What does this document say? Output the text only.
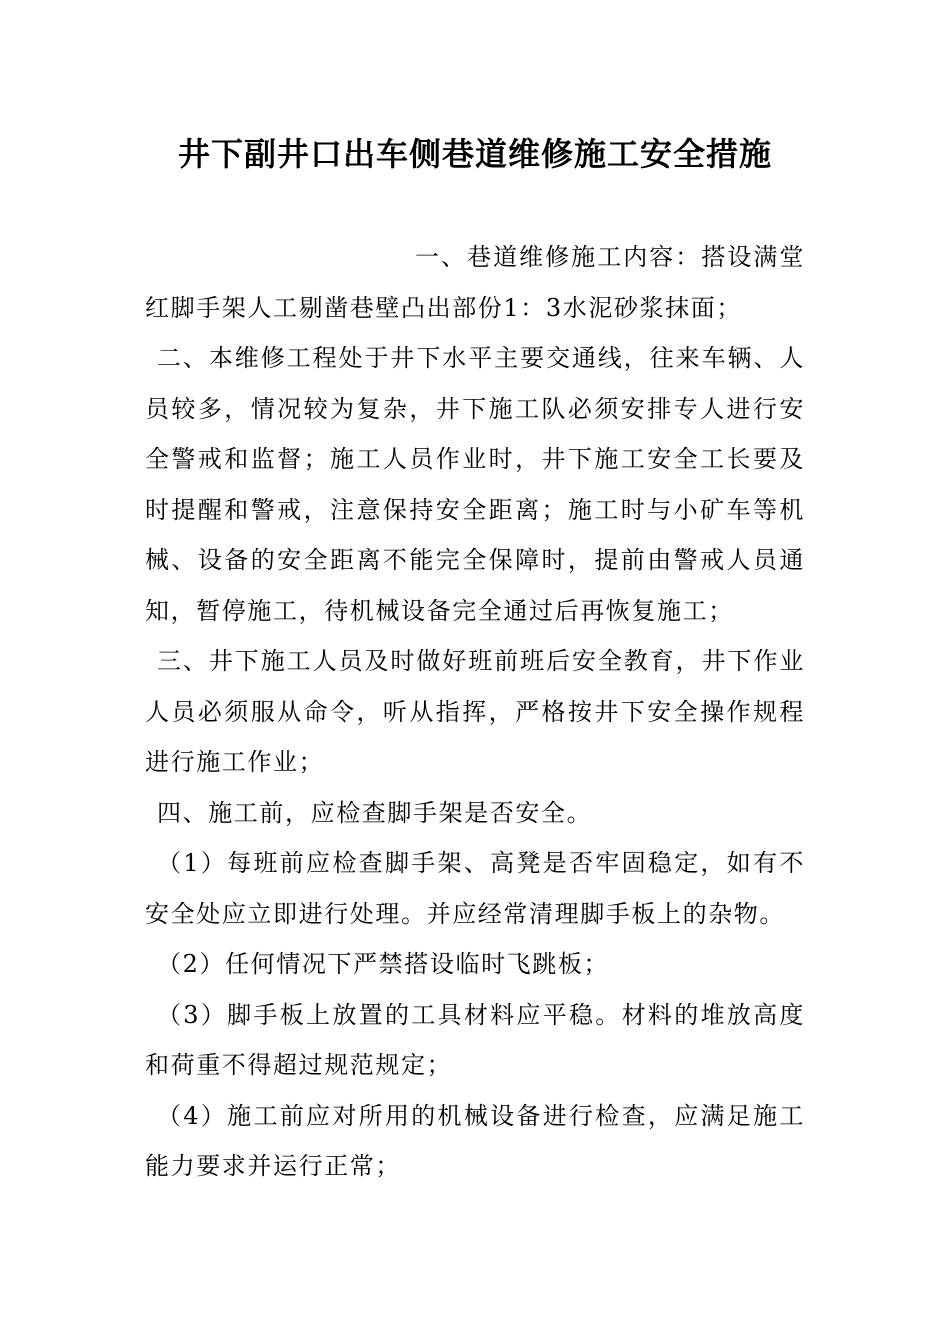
井下副井口出车侧巷道维修施工安全措施

一、巷道维修施工内容：搭设满堂红脚手架人工剔凿巷壁凸出部份1：3水泥砂浆抹面；

二、本维修工程处于井下水平主要交通线，往来车辆、人员较多，情况较为复杂，井下施工队必须安排专人进行安全警戒和监督；施工人员作业时，井下施工安全工长要及时提醒和警戒，注意保持安全距离；施工时与小矿车等机械、设备的安全距离不能完全保障时，提前由警戒人员通知，暂停施工，待机械设备完全通过后再恢复施工；

三、井下施工人员及时做好班前班后安全教育，井下作业人员必须服从命令，听从指挥，严格按井下安全操作规程进行施工作业；

四、施工前，应检查脚手架是否安全。

（1）每班前应检查脚手架、高凳是否牢固稳定，如有不安全处应立即进行处理。并应经常清理脚手板上的杂物。

（2）任何情况下严禁搭设临时飞跳板；

（3）脚手板上放置的工具材料应平稳。材料的堆放高度和荷重不得超过规范规定；

（4）施工前应对所用的机械设备进行检查，应满足施工能力要求并运行正常；
